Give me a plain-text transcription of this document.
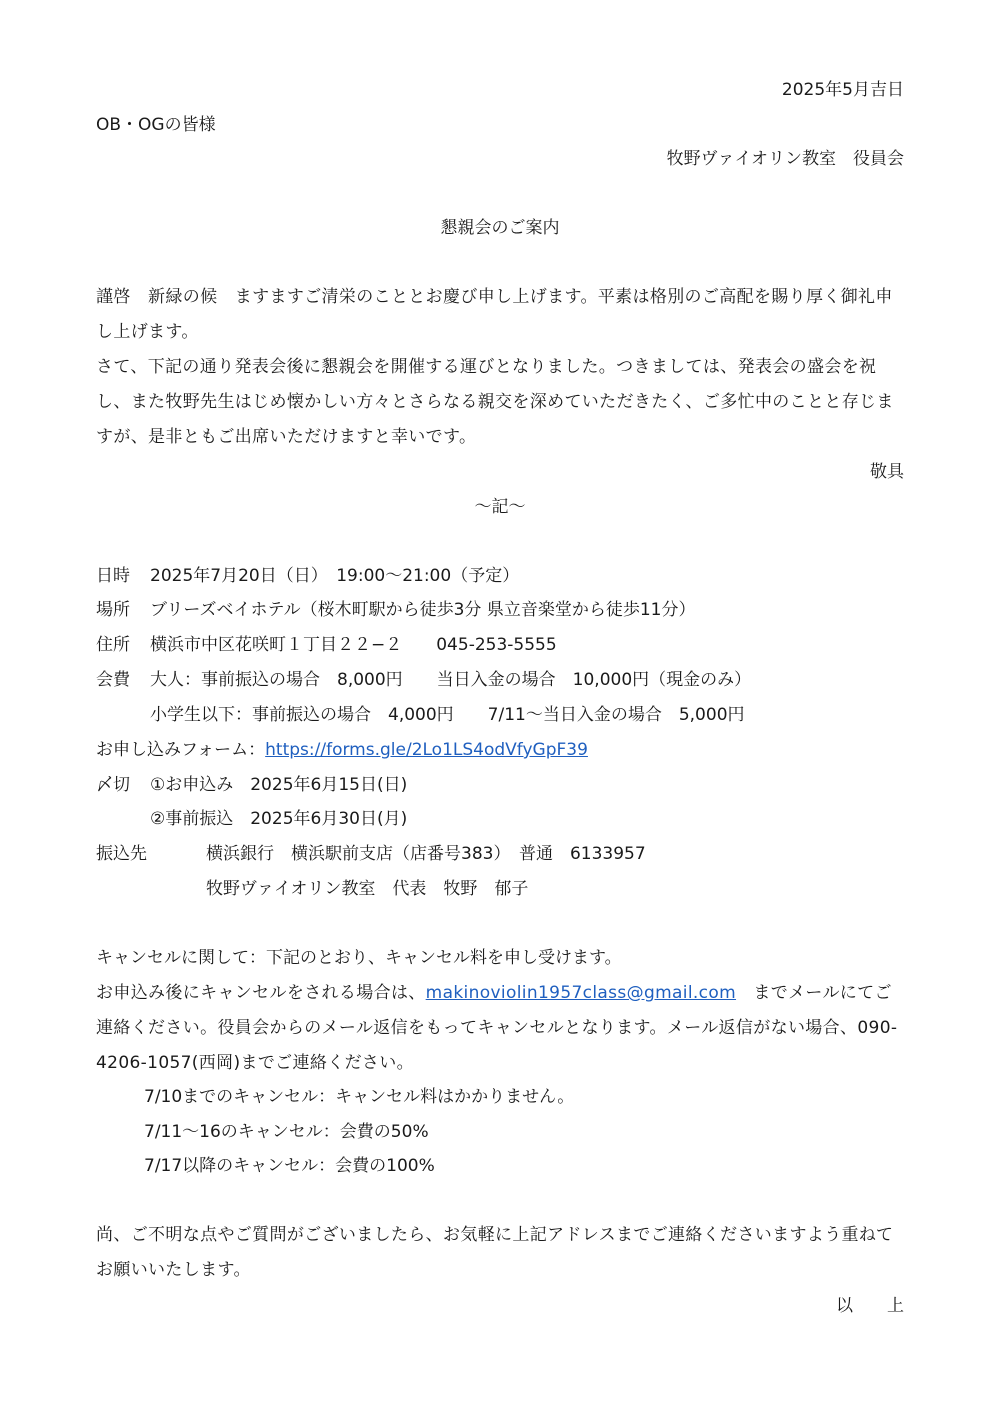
2025年5月吉日
OB・OGの皆様
牧野ヴァイオリン教室　役員会
懇親会のご案内
謹啓　新緑の候　ますますご清栄のこととお慶び申し上げます。平素は格別のご高配を賜り厚く御礼申し上げます。
さて、下記の通り発表会後に懇親会を開催する運びとなりました。つきましては、発表会の盛会を祝し、また牧野先生はじめ懐かしい方々とさらなる親交を深めていただきたく、ご多忙中のことと存じますが、是非ともご出席いただけますと幸いです。
敬具
～記～
日時 2025年7月20日（日）　19:00～21:00（予定）
場所 ブリーズベイホテル（桜木町駅から徒歩3分 県立音楽堂から徒歩11分）
住所 横浜市中区花咲町１丁目２２−２　　045-253-5555
会費 大人：事前振込の場合　8,000円　　当日入金の場合　10,000円（現金のみ）
小学生以下：事前振込の場合　4,000円　　7/11～当日入金の場合　5,000円
お申し込みフォーム：https://forms.gle/2Lo1LS4odVfyGpF39
〆切 ①お申込み　2025年6月15日(日)
②事前振込　2025年6月30日(月)
振込先	横浜銀行　横浜駅前支店（店番号383）　普通　6133957
牧野ヴァイオリン教室　代表　牧野　郁子
キャンセルに関して：下記のとおり、キャンセル料を申し受けます。
お申込み後にキャンセルをされる場合は、makinoviolin1957class@gmail.com　までメールにてご連絡ください。役員会からのメール返信をもってキャンセルとなります。メール返信がない場合、090-4206-1057(西岡)までご連絡ください。
7/10までのキャンセル：キャンセル料はかかりません。
7/11～16のキャンセル：会費の50%
7/17以降のキャンセル：会費の100%
尚、ご不明な点やご質問がございましたら、お気軽に上記アドレスまでご連絡くださいますよう重ねてお願いいたします。
以　　上
